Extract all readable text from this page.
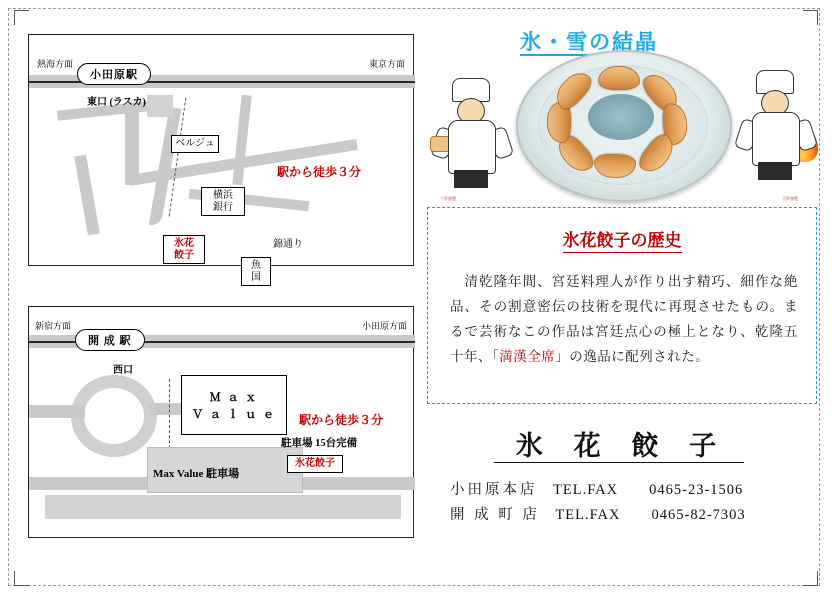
熱海方面	東京方面
小田原駅
東口 (ラスカ)
ベルジュ
横浜
銀行
氷花
餃子
魚
国
錦通り
駅から徒歩３分
新宿方面	小田原方面
開 成 駅
西口
Ｍ ａ ｘ
Ｖ ａ ｌ ｕ ｅ
Max Value 駐車場
氷花餃子
駐車場 15台完備
駅から徒歩３分
氷・雪の結晶
不許複製	不許複製
氷花餃子の歴史
　清乾隆年間、宮廷料理人が作り出す精巧、細作な絶品、その割意密伝の技術を現代に再現させたもの。まるで芸術なこの作品は宮廷点心の極上となり、乾隆五十年、「満漢全席」の逸品に配列された。
氷 花 餃 子
小田原本店　 TEL.FAX　　 0465-23-1506
開 成 町 店　 TEL.FAX　　 0465-82-7303
